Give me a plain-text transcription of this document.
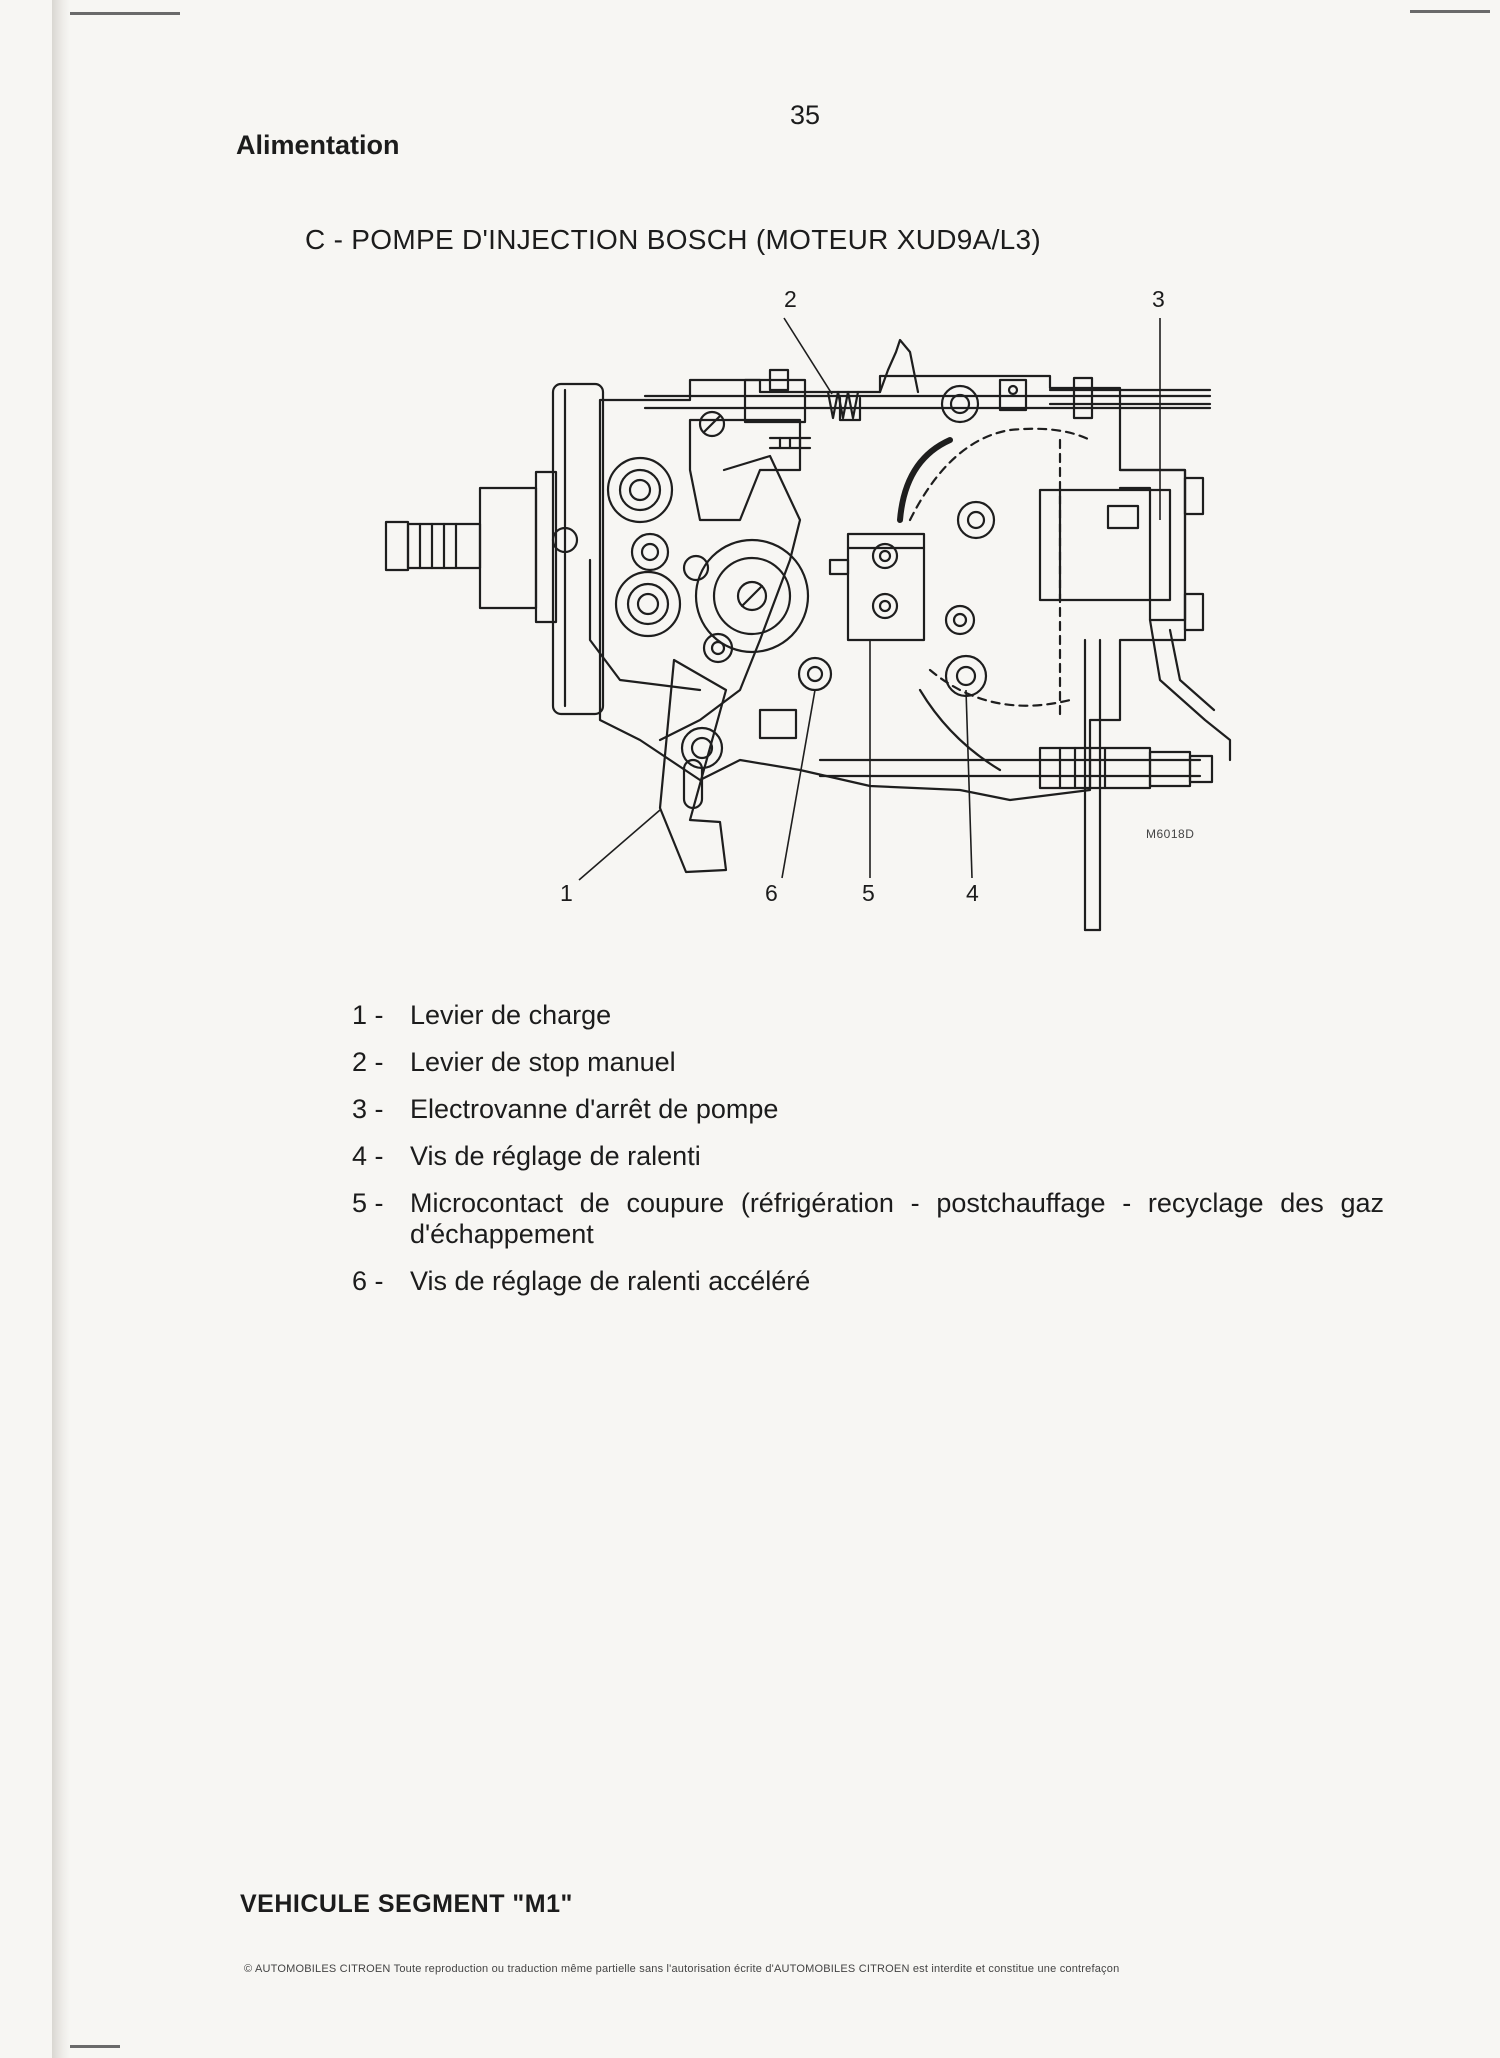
35
Alimentation
C - POMPE D'INJECTION BOSCH (MOTEUR XUD9A/L3)
2	3
1	6	5	4
M6018D
1 - Levier de charge
2 - Levier de stop manuel
3 - Electrovanne d'arrêt de pompe
4 - Vis de réglage de ralenti
5 - Microcontact de coupure (réfrigération - postchauffage - recyclage des gaz d'échappement
6 - Vis de réglage de ralenti accéléré
VEHICULE SEGMENT "M1"
© AUTOMOBILES CITROEN Toute reproduction ou traduction même partielle sans l'autorisation écrite d'AUTOMOBILES CITROEN est interdite et constitue une contrefaçon
